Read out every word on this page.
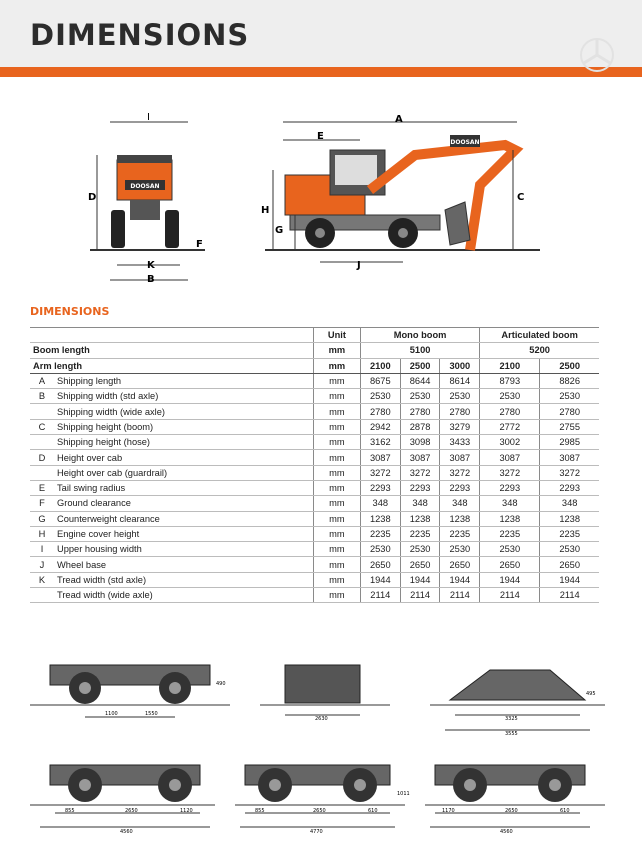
DIMENSIONS
DOOSAN
I
D
K
B
F
DOOSAN
A
E
C
H
G
J
DIMENSIONS
		Unit	Mono boom			Articulated boom	
Boom length		mm	5100			5200	
Arm length		mm	2100	2500	3000	2100	2500
A	Shipping length	mm	8675	8644	8614	8793	8826
B	Shipping width (std axle)	mm	2530	2530	2530	2530	2530
	Shipping width (wide axle)	mm	2780	2780	2780	2780	2780
C	Shipping height (boom)	mm	2942	2878	3279	2772	2755
	Shipping height (hose)	mm	3162	3098	3433	3002	2985
D	Height over cab	mm	3087	3087	3087	3087	3087
	Height over cab (guardrail)	mm	3272	3272	3272	3272	3272
E	Tail swing radius	mm	2293	2293	2293	2293	2293
F	Ground clearance	mm	348	348	348	348	348
G	Counterweight clearance	mm	1238	1238	1238	1238	1238
H	Engine cover height	mm	2235	2235	2235	2235	2235
I	Upper housing width	mm	2530	2530	2530	2530	2530
J	Wheel base	mm	2650	2650	2650	2650	2650
K	Tread width (std axle)	mm	1944	1944	1944	1944	1944
	Tread width (wide axle)	mm	2114	2114	2114	2114	2114
1100	1550
490
2630	3325
3555
495
855	2650	1120
4560
855	2650	610
4770
1011
1170	2650	610
4560
